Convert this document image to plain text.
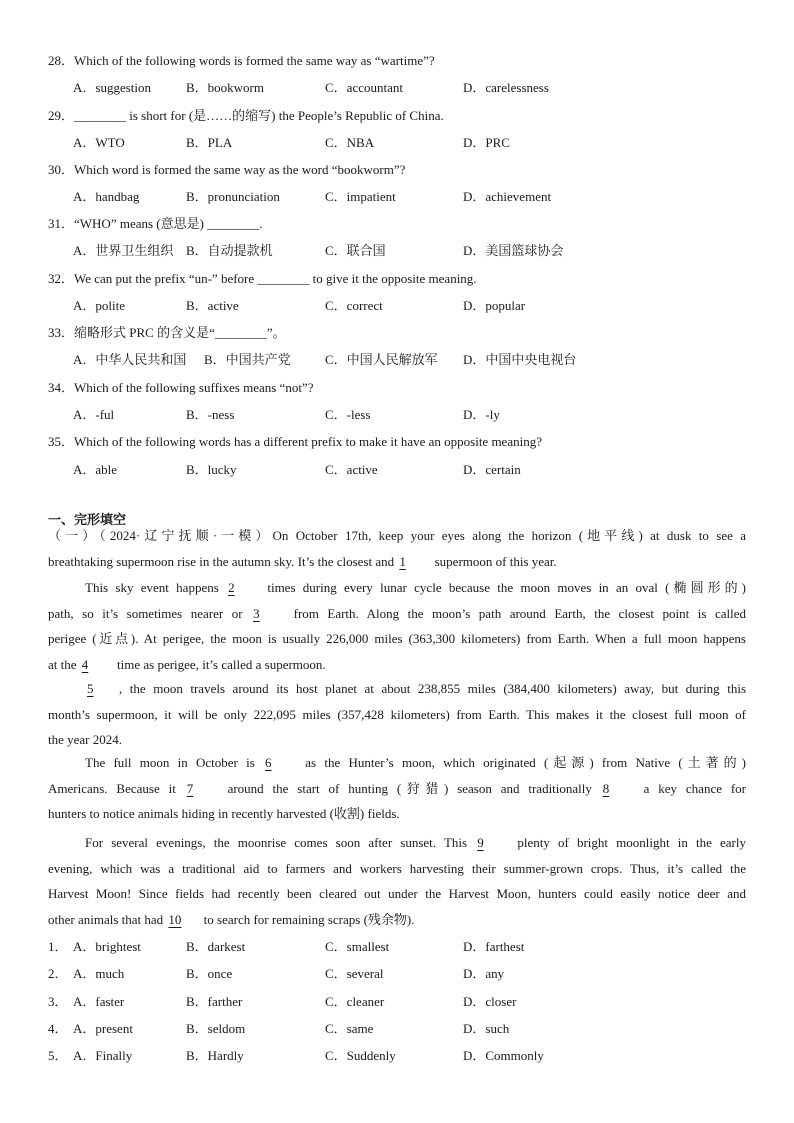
28．Which of the following words is formed the same way as “wartime”?
A．suggestion	B．bookworm	C．accountant	D．carelessness
29．________ is short for (是……的缩写) the People’s Republic of China.
A．WTO	B．PLA	C．NBA	D．PRC
30．Which word is formed the same way as the word “bookworm”?
A．handbag	B．pronunciation	C．impatient	D．achievement
31．“WHO” means (意思是) ________.
A．世界卫生组织 B．自动提款机	C．联合国	D．美国篮球协会
32．We can put the prefix “un-” before ________ to give it the opposite meaning.
A．polite	B．active	C．correct	D．popular
33．缩略形式 PRC 的含义是“________”。
A．中华人民共和国 B．中国共产党	C．中国人民解放军 D．中国中央电视台
34．Which of the following suffixes means “not”?
A．-ful	B．-ness	C．-less	D．-ly
35．Which of the following words has a different prefix to make it have an opposite meaning?
A．able	B．lucky	C．active	D．certain
一、完形填空
（一）（2024·辽宁抚顺·一模）On October 17th, keep your eyes along the horizon (地平线) at dusk to see a
breathtaking supermoon rise in the autumn sky. It’s the closest and 1 supermoon of this year.
This sky event happens 2 times during every lunar cycle because the moon moves in an oval (椭圆形的)
path, so it’s sometimes nearer or 3 from Earth. Along the moon’s path around Earth, the closest point is called
perigee (近点). At perigee, the moon is usually 226,000 miles (363,300 kilometers) from Earth. When a full moon happens
at the 4 time as perigee, it’s called a supermoon.
5 , the moon travels around its host planet at about 238,855 miles (384,400 kilometers) away, but during this
month’s supermoon, it will be only 222,095 miles (357,428 kilometers) from Earth. This makes it the closest full moon of
the year 2024.
The full moon in October is 6 as the Hunter’s moon, which originated (起源) from Native (土著的)
Americans. Because it 7 around the start of hunting (狩猎) season and traditionally 8 a key chance for
hunters to notice animals hiding in recently harvested (收割) fields.
For several evenings, the moonrise comes soon after sunset. This 9 plenty of bright moonlight in the early
evening, which was a traditional aid to farmers and workers harvesting their summer-grown crops. Thus, it’s called the
Harvest Moon! Since fields had recently been cleared out under the Harvest Moon, hunters could easily notice deer and
other animals that had 10 to search for remaining scraps (残余物).
1． A．brightest	B．darkest	C．smallest	D．farthest
2． A．much	B．once	C．several	D．any
3． A．faster	B．farther	C．cleaner	D．closer
4． A．present	B．seldom	C．same	D．such
5． A．Finally	B．Hardly	C．Suddenly	D．Commonly
